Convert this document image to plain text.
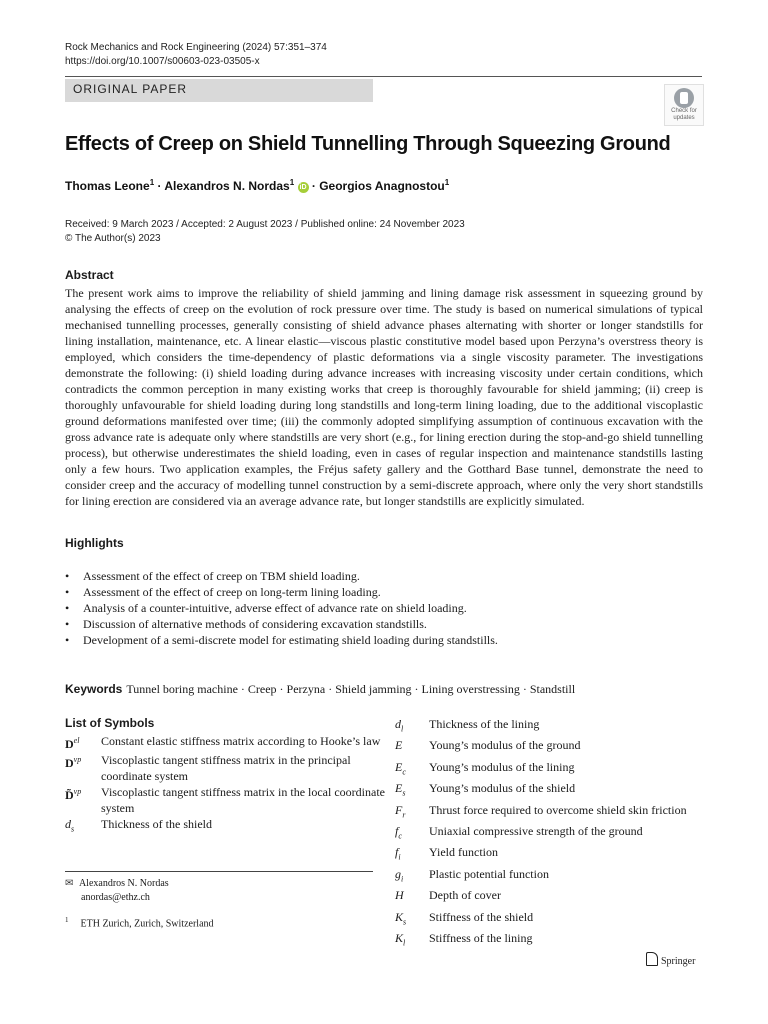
Rock Mechanics and Rock Engineering (2024) 57:351–374
https://doi.org/10.1007/s00603-023-03505-x
ORIGINAL PAPER
Check for
updates
Effects of Creep on Shield Tunnelling Through Squeezing Ground
Thomas Leone$^1$ · Alexandros N. Nordas$^1$ iD · Georgios Anagnostou$^1$
Received: 9 March 2023 / Accepted: 2 August 2023 / Published online: 24 November 2023
© The Author(s) 2023
Abstract
The present work aims to improve the reliability of shield jamming and lining damage risk assessment in squeezing ground by analysing the effects of creep on the evolution of rock pressure over time. The study is based on numerical simulations of typical mechanised tunnelling processes, generally consisting of shield advance phases alternating with shorter or longer standstills for lining installation, maintenance, etc. A linear elastic—viscous plastic constitutive model based upon Perzyna’s overstress theory is employed, which considers the time-dependency of plastic deformations via a single viscosity parameter. The investigations demonstrate the following: (i) shield loading during advance increases with increasing viscosity under certain conditions, which contradicts the common perception in many existing works that creep is thoroughly favourable for shield jamming; (ii) creep is thoroughly unfavourable for shield loading during long standstills and long-term lining loading, due to the additional viscoplastic ground deformations manifested over time; (iii) the commonly adopted simplifying assumption of continuous excavation with the gross advance rate is adequate only where standstills are very short (e.g., for lining erection during the stop-and-go shield tunnelling process), but otherwise underestimates the shield loading, even in cases of regular inspection and maintenance standstills lasting only a few hours. Two application examples, the Fréjus safety gallery and the Gotthard Base tunnel, demonstrate the need to consider creep and the accuracy of modelling tunnel construction by a semi-discrete approach, where only the very short standstills for lining erection are considered via an average advance rate, but longer standstills are explicitly simulated.
Highlights
• Assessment of the effect of creep on TBM shield loading.
• Assessment of the effect of creep on long-term lining loading.
• Analysis of a counter-intuitive, adverse effect of advance rate on shield loading.
• Discussion of alternative methods of considering excavation standstills.
• Development of a semi-discrete model for estimating shield loading during standstills.
Keywords Tunnel boring machine · Creep · Perzyna · Shield jamming · Lining overstressing · Standstill
List of Symbols
$D^{el}$	Constant elastic stiffness matrix according to Hooke’s law
$D^{vp}$	Viscoplastic tangent stiffness matrix in the principal coordinate system
D̃$^{vp}$	Viscoplastic tangent stiffness matrix in the local coordinate system
$d_s$	Thickness of the shield
$d_l$	Thickness of the lining
E	Young’s modulus of the ground
$E_c$	Young’s modulus of the lining
$E_s$	Young’s modulus of the shield
$F_r$	Thrust force required to overcome shield skin friction
$f_c$	Uniaxial compressive strength of the ground
$f_i$	Yield function
$g_i$	Plastic potential function
H	Depth of cover
$K_s$	Stiffness of the shield
$K_l$	Stiffness of the lining
✉ Alexandros N. Nordas
anordas@ethz.ch
$^1$ ETH Zurich, Zurich, Switzerland
Springer
